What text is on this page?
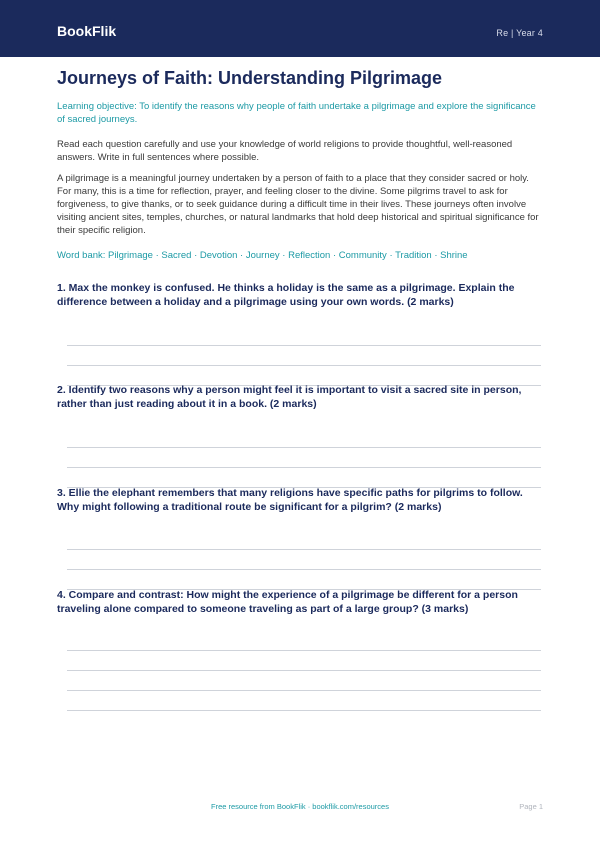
BookFlik	Re | Year 4
Journeys of Faith: Understanding Pilgrimage
Learning objective: To identify the reasons why people of faith undertake a pilgrimage and explore the significance of sacred journeys.
Read each question carefully and use your knowledge of world religions to provide thoughtful, well-reasoned answers. Write in full sentences where possible.
A pilgrimage is a meaningful journey undertaken by a person of faith to a place that they consider sacred or holy. For many, this is a time for reflection, prayer, and feeling closer to the divine. Some pilgrims travel to ask for forgiveness, to give thanks, or to seek guidance during a difficult time in their lives. These journeys often involve visiting ancient sites, temples, churches, or natural landmarks that hold deep historical and spiritual significance for their specific religion.
Word bank: Pilgrimage · Sacred · Devotion · Journey · Reflection · Community · Tradition · Shrine
1. Max the monkey is confused. He thinks a holiday is the same as a pilgrimage. Explain the difference between a holiday and a pilgrimage using your own words. (2 marks)
2. Identify two reasons why a person might feel it is important to visit a sacred site in person, rather than just reading about it in a book. (2 marks)
3. Ellie the elephant remembers that many religions have specific paths for pilgrims to follow. Why might following a traditional route be significant for a pilgrim? (2 marks)
4. Compare and contrast: How might the experience of a pilgrimage be different for a person traveling alone compared to someone traveling as part of a large group? (3 marks)
Free resource from BookFlik · bookflik.com/resources	Page 1
